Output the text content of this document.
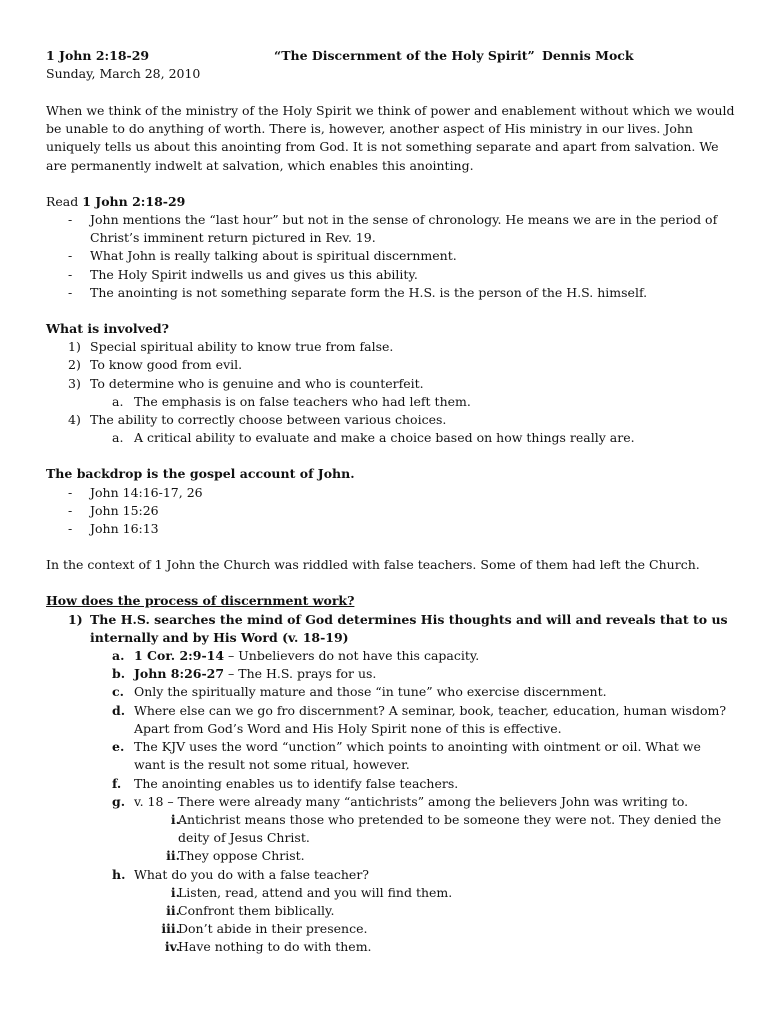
1 John 2:18-29	“The Discernment of the Holy Spirit” Dennis Mock
Sunday, March 28, 2010

When we think of the ministry of the Holy Spirit we think of power and enablement without which we would be unable to do anything of worth. There is, however, another aspect of His ministry in our lives. John uniquely tells us about this anointing from God. It is not something separate and apart from salvation. We are permanently indwelt at salvation, which enables this anointing.

Read 1 John 2:18-29
- John mentions the “last hour” but not in the sense of chronology. He means we are in the period of Christ’s imminent return pictured in Rev. 19.
- What John is really talking about is spiritual discernment.
- The Holy Spirit indwells us and gives us this ability.
- The anointing is not something separate form the H.S. is the person of the H.S. himself.
What is involved?
1) Special spiritual ability to know true from false.
2) To know good from evil.
3) To determine who is genuine and who is counterfeit.
a. The emphasis is on false teachers who had left them.
4) The ability to correctly choose between various choices.
a. A critical ability to evaluate and make a choice based on how things really are.
The backdrop is the gospel account of John.
- John 14:16-17, 26
- John 15:26
- John 16:13

In the context of 1 John the Church was riddled with false teachers. Some of them had left the Church.

How does the process of discernment work?
1) The H.S. searches the mind of God determines His thoughts and will and reveals that to us internally and by His Word (v. 18-19)
a. 1 Cor. 2:9-14 – Unbelievers do not have this capacity.
b. John 8:26-27 – The H.S. prays for us.
c. Only the spiritually mature and those “in tune” who exercise discernment.
d. Where else can we go fro discernment? A seminar, book, teacher, education, human wisdom? Apart from God’s Word and His Holy Spirit none of this is effective.
e. The KJV uses the word “unction” which points to anointing with ointment or oil. What we want is the result not some ritual, however.
f. The anointing enables us to identify false teachers.
g. v. 18 – There were already many “antichrists” among the believers John was writing to.
i.
Antichrist means those who pretended to be someone they were not. They denied the deity of Jesus Christ.
ii.
They oppose Christ.
h. What do you do with a false teacher?
i.
Listen, read, attend and you will find them.
ii.
Confront them biblically.
iii.
Don’t abide in their presence.
iv.
Have nothing to do with them.
